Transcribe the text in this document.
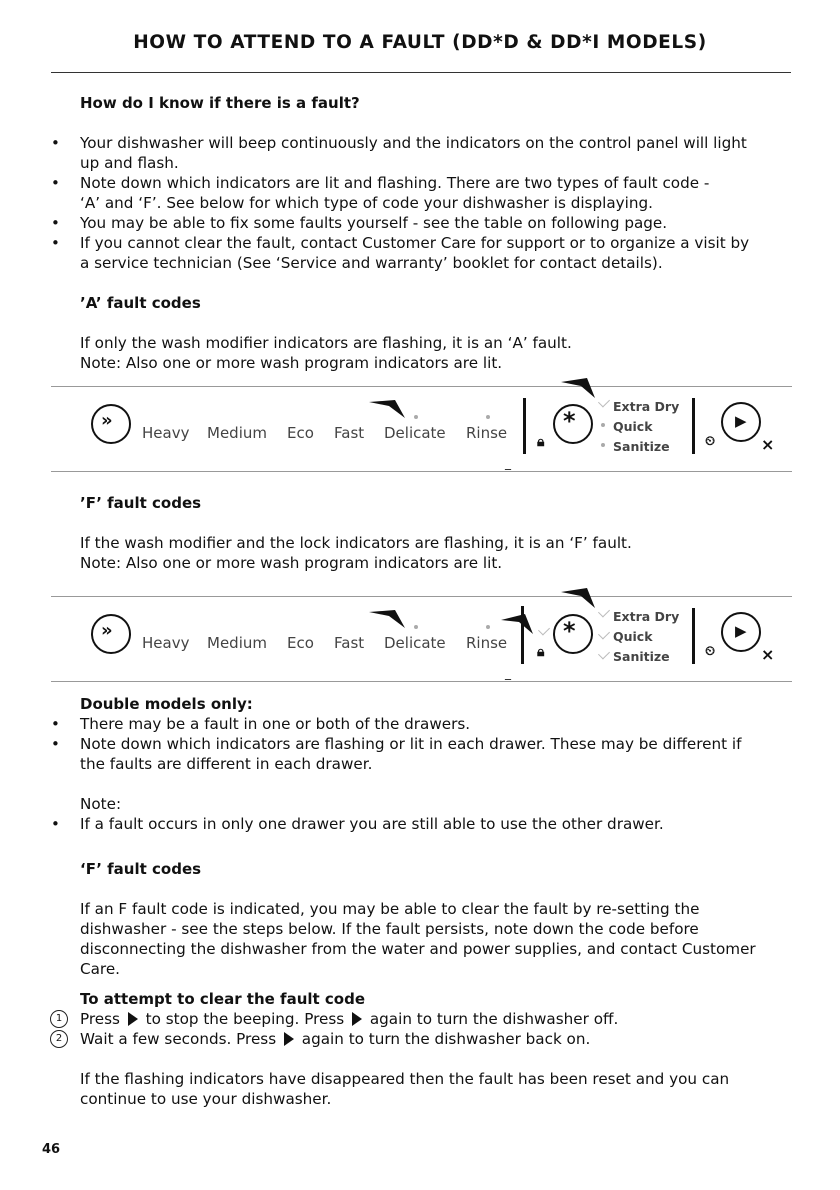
HOW TO ATTEND TO A FAULT (DD*D & DD*I MODELS)
How do I know if there is a fault?
• Your dishwasher will beep continuously and the indicators on the control panel will light
up and flash.
• Note down which indicators are lit and flashing. There are two types of fault code -
‘A’ and ‘F’. See below for which type of code your dishwasher is displaying.
• You may be able to fix some faults yourself - see the table on following page.
• If you cannot clear the fault, contact Customer Care for support or to organize a visit by
a service technician (See ‘Service and warranty’ booklet for contact details).
’A’ fault codes
If only the wash modifier indicators are flashing, it is an ‘A’ fault.
Note: Also one or more wash program indicators are lit.
»
Heavy Medium Eco Fast Delicate Rinse 🔒︎
*
Extra Dry
Quick
Sanitize	⏲
▶
×
_
’F’ fault codes
If the wash modifier and the lock indicators are flashing, it is an ‘F’ fault.
Note: Also one or more wash program indicators are lit.
»
Heavy Medium Eco Fast Delicate Rinse 🔒︎
*
Extra Dry
Quick
Sanitize	⏲
▶
×
_
Double models only:
• There may be a fault in one or both of the drawers.
• Note down which indicators are flashing or lit in each drawer. These may be different if
the faults are different in each drawer.
Note:
• If a fault occurs in only one drawer you are still able to use the other drawer.
‘F’ fault codes
If an F fault code is indicated, you may be able to clear the fault by re-setting the
dishwasher - see the steps below. If the fault persists, note down the code before
disconnecting the dishwasher from the water and power supplies, and contact Customer
Care.
To attempt to clear the fault code
1	Press to stop the beeping. Press again to turn the dishwasher off.
2	Wait a few seconds. Press again to turn the dishwasher back on.
If the flashing indicators have disappeared then the fault has been reset and you can
continue to use your dishwasher.
46
